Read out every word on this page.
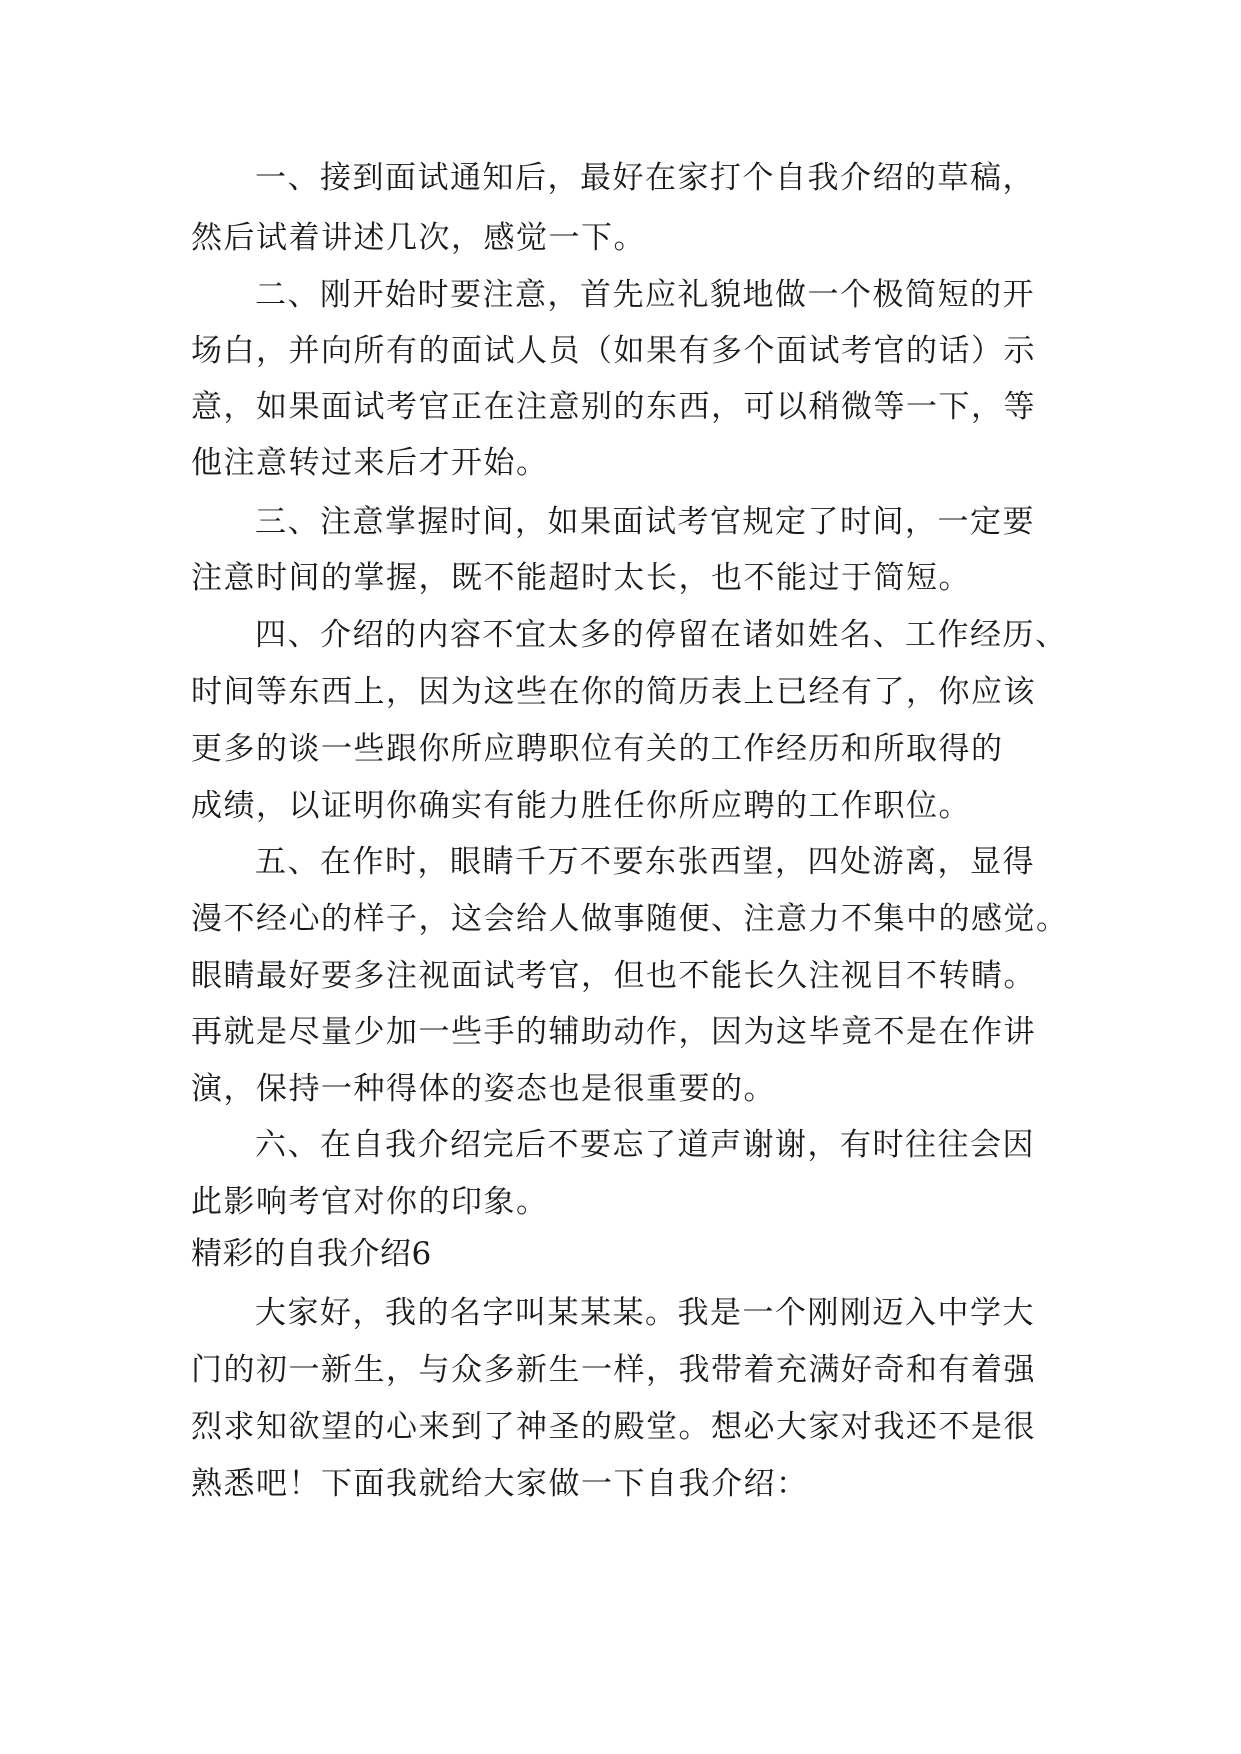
一、接到面试通知后，最好在家打个自我介绍的草稿，
然后试着讲述几次，感觉一下。
二、刚开始时要注意，首先应礼貌地做一个极简短的开
场白，并向所有的面试人员（如果有多个面试考官的话）示
意，如果面试考官正在注意别的东西，可以稍微等一下，等
他注意转过来后才开始。
三、注意掌握时间，如果面试考官规定了时间，一定要
注意时间的掌握，既不能超时太长，也不能过于简短。
四、介绍的内容不宜太多的停留在诸如姓名、工作经历、
时间等东西上，因为这些在你的简历表上已经有了，你应该
更多的谈一些跟你所应聘职位有关的工作经历和所取得的
成绩，以证明你确实有能力胜任你所应聘的工作职位。
五、在作时，眼睛千万不要东张西望，四处游离，显得
漫不经心的样子，这会给人做事随便、注意力不集中的感觉。
眼睛最好要多注视面试考官，但也不能长久注视目不转睛。
再就是尽量少加一些手的辅助动作，因为这毕竟不是在作讲
演，保持一种得体的姿态也是很重要的。
六、在自我介绍完后不要忘了道声谢谢，有时往往会因
此影响考官对你的印象。
精彩的自我介绍6
大家好，我的名字叫某某某。我是一个刚刚迈入中学大
门的初一新生，与众多新生一样，我带着充满好奇和有着强
烈求知欲望的心来到了神圣的殿堂。想必大家对我还不是很
熟悉吧！下面我就给大家做一下自我介绍：
